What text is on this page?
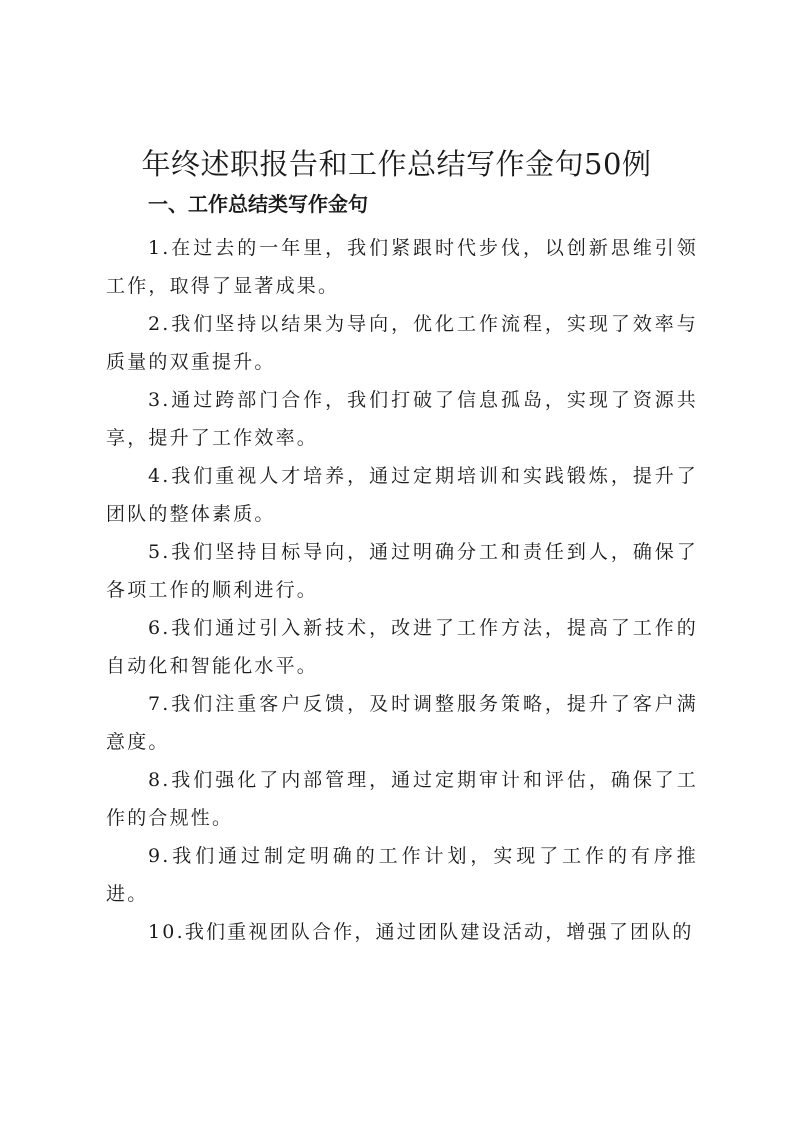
年终述职报告和工作总结写作金句50例
一、工作总结类写作金句

1.在过去的一年里，我们紧跟时代步伐，以创新思维引领工作，取得了显著成果。

2.我们坚持以结果为导向，优化工作流程，实现了效率与质量的双重提升。

3.通过跨部门合作，我们打破了信息孤岛，实现了资源共享，提升了工作效率。

4.我们重视人才培养，通过定期培训和实践锻炼，提升了团队的整体素质。

5.我们坚持目标导向，通过明确分工和责任到人，确保了各项工作的顺利进行。

6.我们通过引入新技术，改进了工作方法，提高了工作的自动化和智能化水平。

7.我们注重客户反馈，及时调整服务策略，提升了客户满意度。

8.我们强化了内部管理，通过定期审计和评估，确保了工作的合规性。

9.我们通过制定明确的工作计划，实现了工作的有序推进。

10.我们重视团队合作，通过团队建设活动，增强了团队的
